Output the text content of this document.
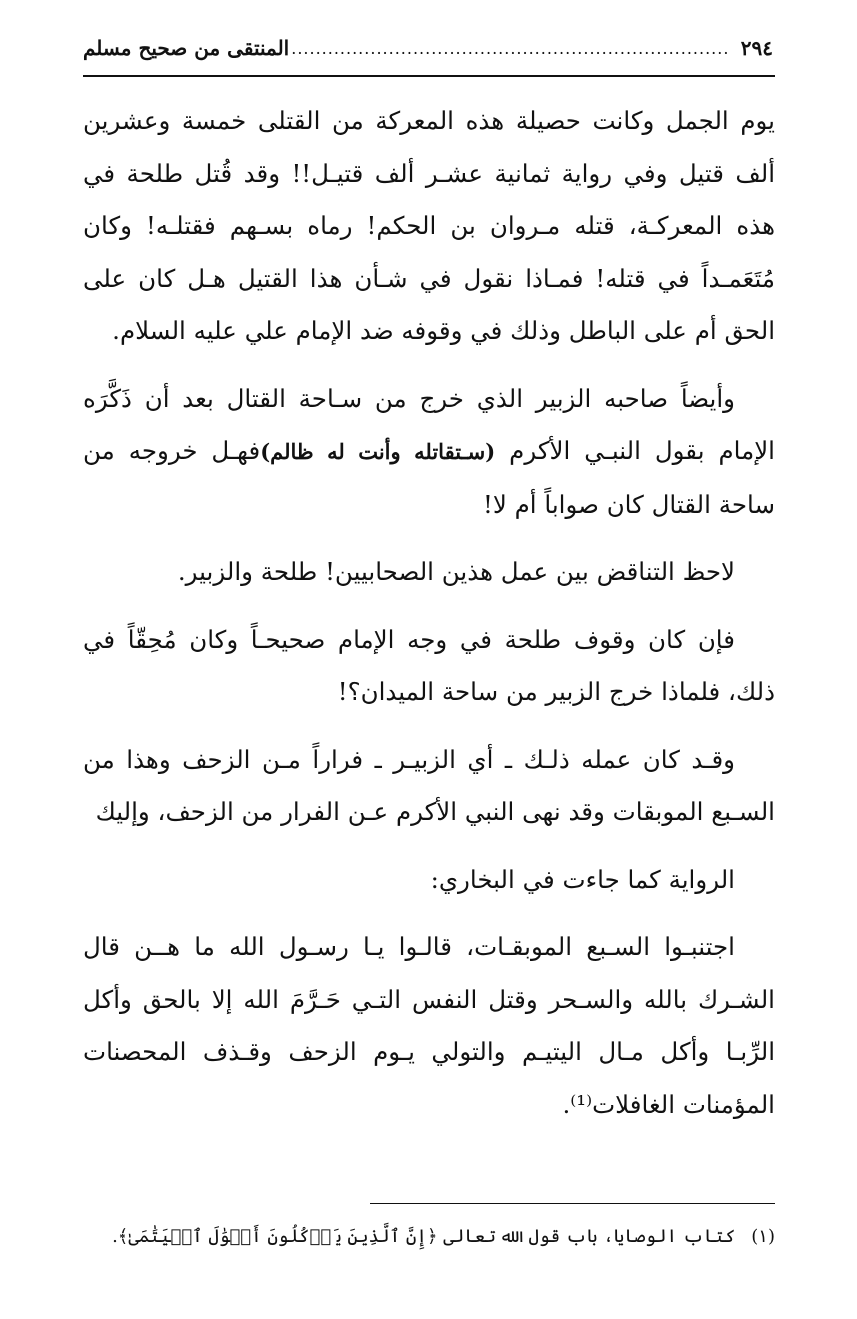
٢٩٤
........................................................................
المنتقى من صحيح مسلم

يوم الجمل وكانت حصيلة هذه المعركة من القتلى خمسة وعشرين ألف قتيل وفي رواية ثمانية عشـر ألف قتيـل!! وقد قُتل طلحة في هذه المعركـة، قتله مـروان بن الحكم! رماه بسـهم فقتلـه! وكان مُتَعَمـداً في قتله! فمـاذا نقول في شـأن هذا القتيل هـل كان على الحق أم على الباطل وذلك في وقوفه ضد الإمام علي عليه السلام.

وأيضاً صاحبه الزبير الذي خرج من سـاحة القتال بعد أن ذَكَّرَه الإمام بقول النبـي الأكرم (سـتقاتله وأنت له ظالم)فهـل خروجه من ساحة القتال كان صواباً أم لا!

لاحظ التناقض بين عمل هذين الصحابيين! طلحة والزبير.

فإن كان وقوف طلحة في وجه الإمام صحيحـاً وكان مُحِقّاً في ذلك، فلماذا خرج الزبير من ساحة الميدان؟!

وقـد كان عمله ذلـك ـ أي الزبيـر ـ فراراً مـن الزحف وهذا من السـبع الموبقات وقد نهى النبي الأكرم عـن الفرار من الزحف، وإليك

الرواية كما جاءت في البخاري:

اجتنبـوا السـبع الموبقـات، قالـوا يـا رسـول الله ما هــن قال الشـرك بالله والسـحر وقتل النفس التـي حَـرَّمَ الله إلا بالحق وأكل الرِّبـا وأكل مـال اليتيـم والتولي يـوم الزحف وقـذف المحصنات المؤمنات الغافلات⁽¹⁾.

(١) كتاب الوصايا، باب قول الله تعالى ﴿إِنَّ ٱلَّذِينَ يَأۡكُلُونَ أَمۡوَٰلَ ٱلۡيَتَٰمَىٰ﴾.
